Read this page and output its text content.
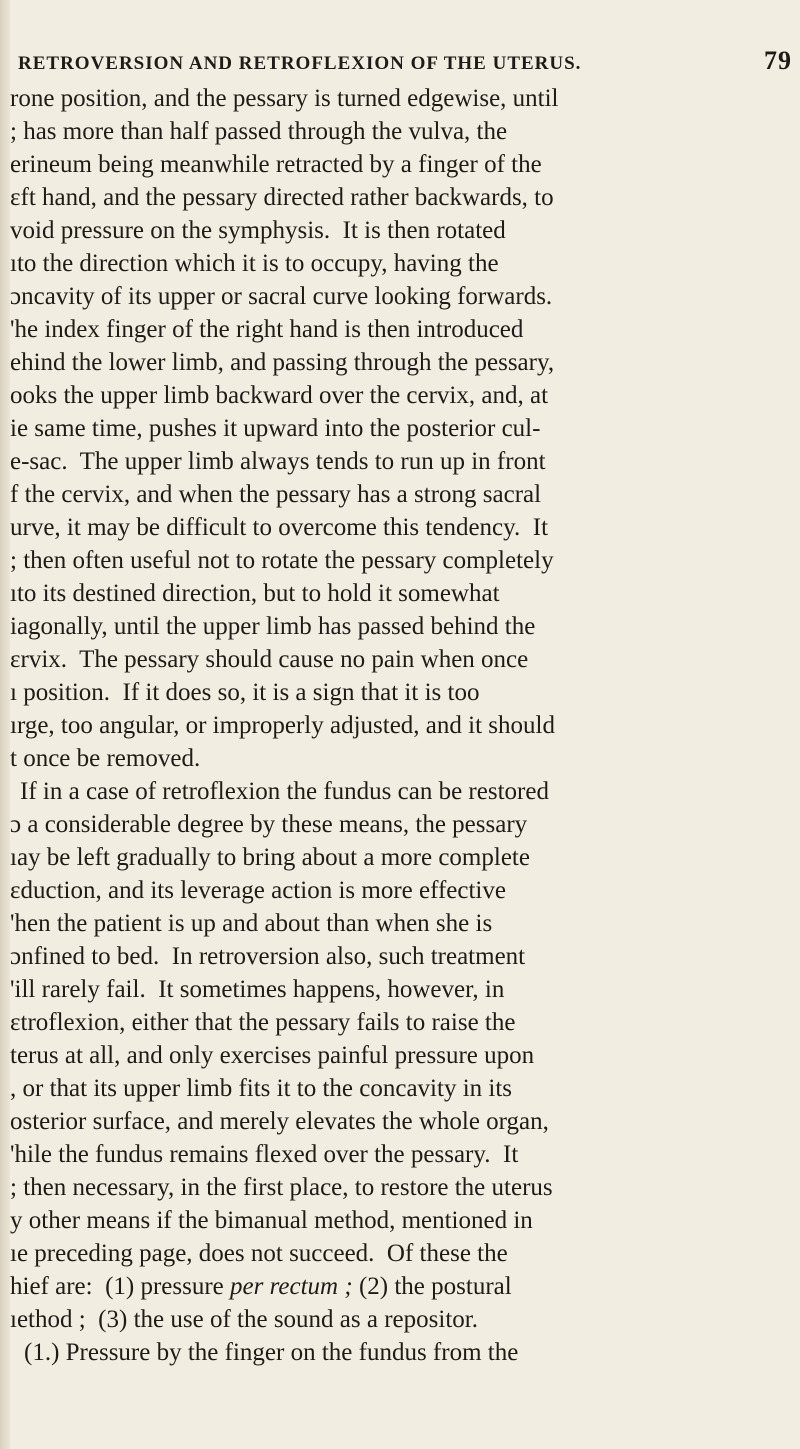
RETROVERSION AND RETROFLEXION OF THE UTERUS.	79
rone position, and the pessary is turned edgewise, until
; has more than half passed through the vulva, the
erineum being meanwhile retracted by a finger of the
ɛft hand, and the pessary directed rather backwards, to
void pressure on the symphysis.  It is then rotated
ıto the direction which it is to occupy, having the
ɔncavity of its upper or sacral curve looking forwards.
'he index finger of the right hand is then introduced
ehind the lower limb, and passing through the pessary,
ooks the upper limb backward over the cervix, and, at
ie same time, pushes it upward into the posterior cul-
e-sac.  The upper limb always tends to run up in front
f the cervix, and when the pessary has a strong sacral
urve, it may be difficult to overcome this tendency.  It
; then often useful not to rotate the pessary completely
ıto its destined direction, but to hold it somewhat
iagonally, until the upper limb has passed behind the
ɛrvix.  The pessary should cause no pain when once
ı position.  If it does so, it is a sign that it is too
ırge, too angular, or improperly adjusted, and it should
t once be removed.
If in a case of retroflexion the fundus can be restored
ɔ a considerable degree by these means, the pessary
ıay be left gradually to bring about a more complete
ɛduction, and its leverage action is more effective
'hen the patient is up and about than when she is
ɔnfined to bed.  In retroversion also, such treatment
'ill rarely fail.  It sometimes happens, however, in
ɛtroflexion, either that the pessary fails to raise the
terus at all, and only exercises painful pressure upon
, or that its upper limb fits it to the concavity in its
osterior surface, and merely elevates the whole organ,
'hile the fundus remains flexed over the pessary.  It
; then necessary, in the first place, to restore the uterus
y other means if the bimanual method, mentioned in
ıe preceding page, does not succeed.  Of these the
hief are:  (1) pressure per rectum ; (2) the postural
ıethod ;  (3) the use of the sound as a repositor.
(1.) Pressure by the finger on the fundus from the
